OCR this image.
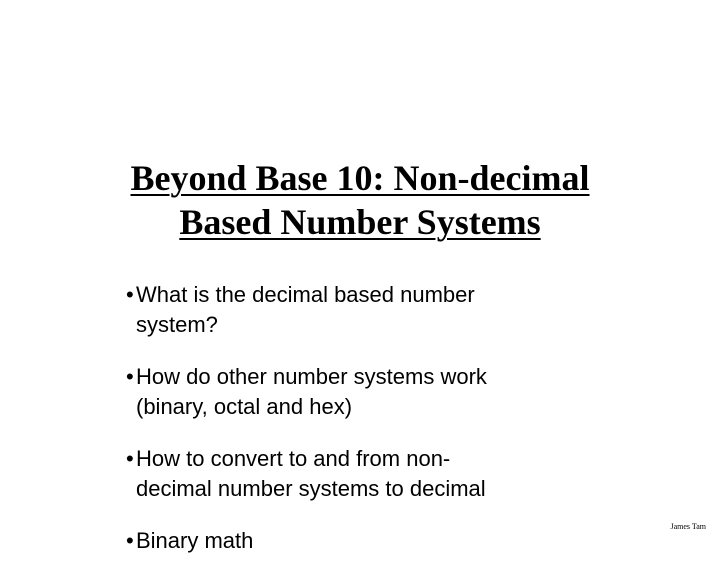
Beyond Base 10: Non-decimal
Based Number Systems
• What is the decimal based number
system?
• How do other number systems work
(binary, octal and hex)
• How to convert to and from non-
decimal number systems to decimal
• Binary math
James Tam
